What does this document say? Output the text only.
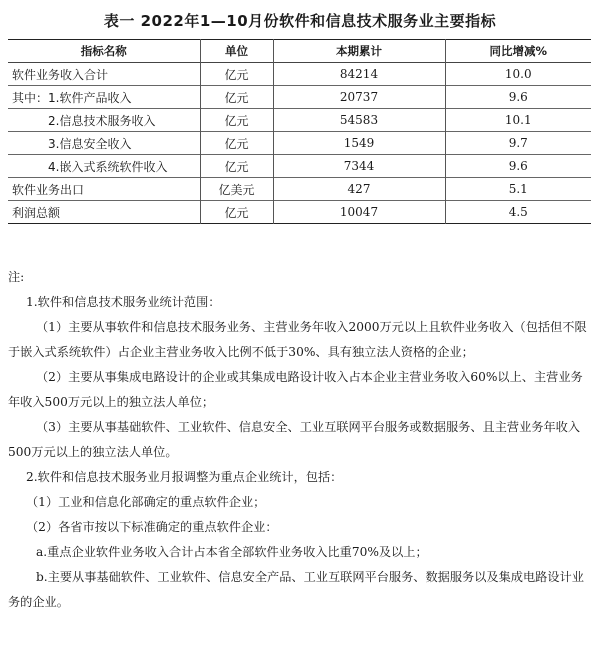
表一 2022年1—10月份软件和信息技术服务业主要指标
指标名称	单位	本期累计	同比增减%
软件业务收入合计	亿元	84214	10.0
其中：1.软件产品收入	亿元	20737	9.6
2.信息技术服务收入	亿元	54583	10.1
3.信息安全收入	亿元	1549	9.7
4.嵌入式系统软件收入	亿元	7344	9.6
软件业务出口	亿美元	427	5.1
利润总额	亿元	10047	4.5

注:

1.软件和信息技术服务业统计范围：

（1）主要从事软件和信息技术服务业务、主营业务年收入2000万元以上且软件业务收入（包括但不限于嵌入式系统软件）占企业主营业务收入比例不低于30%、具有独立法人资格的企业；

（2）主要从事集成电路设计的企业或其集成电路设计收入占本企业主营业务收入60%以上、主营业务年收入500万元以上的独立法人单位；

（3）主要从事基础软件、工业软件、信息安全、工业互联网平台服务或数据服务、且主营业务年收入500万元以上的独立法人单位。

2.软件和信息技术服务业月报调整为重点企业统计，包括：

（1）工业和信息化部确定的重点软件企业；

（2）各省市按以下标准确定的重点软件企业：

a.重点企业软件业务收入合计占本省全部软件业务收入比重70%及以上；

b.主要从事基础软件、工业软件、信息安全产品、工业互联网平台服务、数据服务以及集成电路设计业务的企业。
